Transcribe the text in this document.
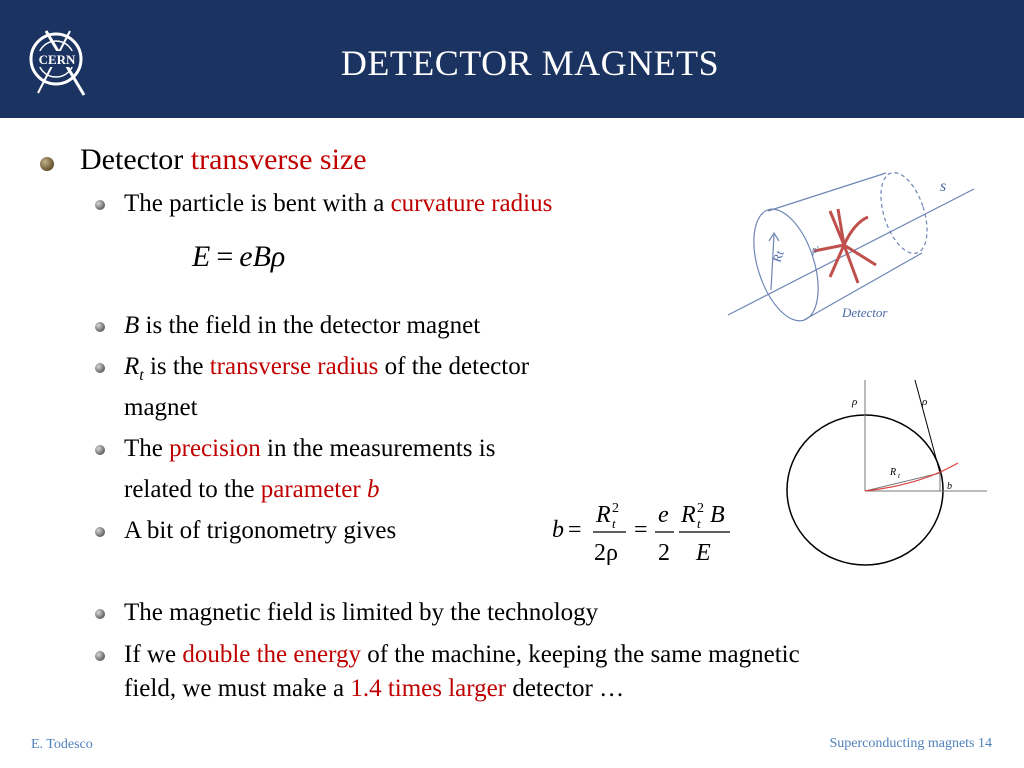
CERN	DETECTOR MAGNETS
Detector transverse size
The particle is bent with a curvature radius
E = eBρ
B is the field in the detector magnet
$R_t$ is the transverse radius of the detector
magnet
The precision in the measurements is
related to the parameter b
A bit of trigonometry gives	b =
R 2
t
2ρ
=
e
2
R 2
t B
E
The magnetic field is limited by the technology
If we double the energy of the machine, keeping the same magnetic
field, we must make a 1.4 times larger detector …
s
Rt	ρ'
Detector
ρ	ρ
R t
b
E. Todesco	Superconducting magnets 14
